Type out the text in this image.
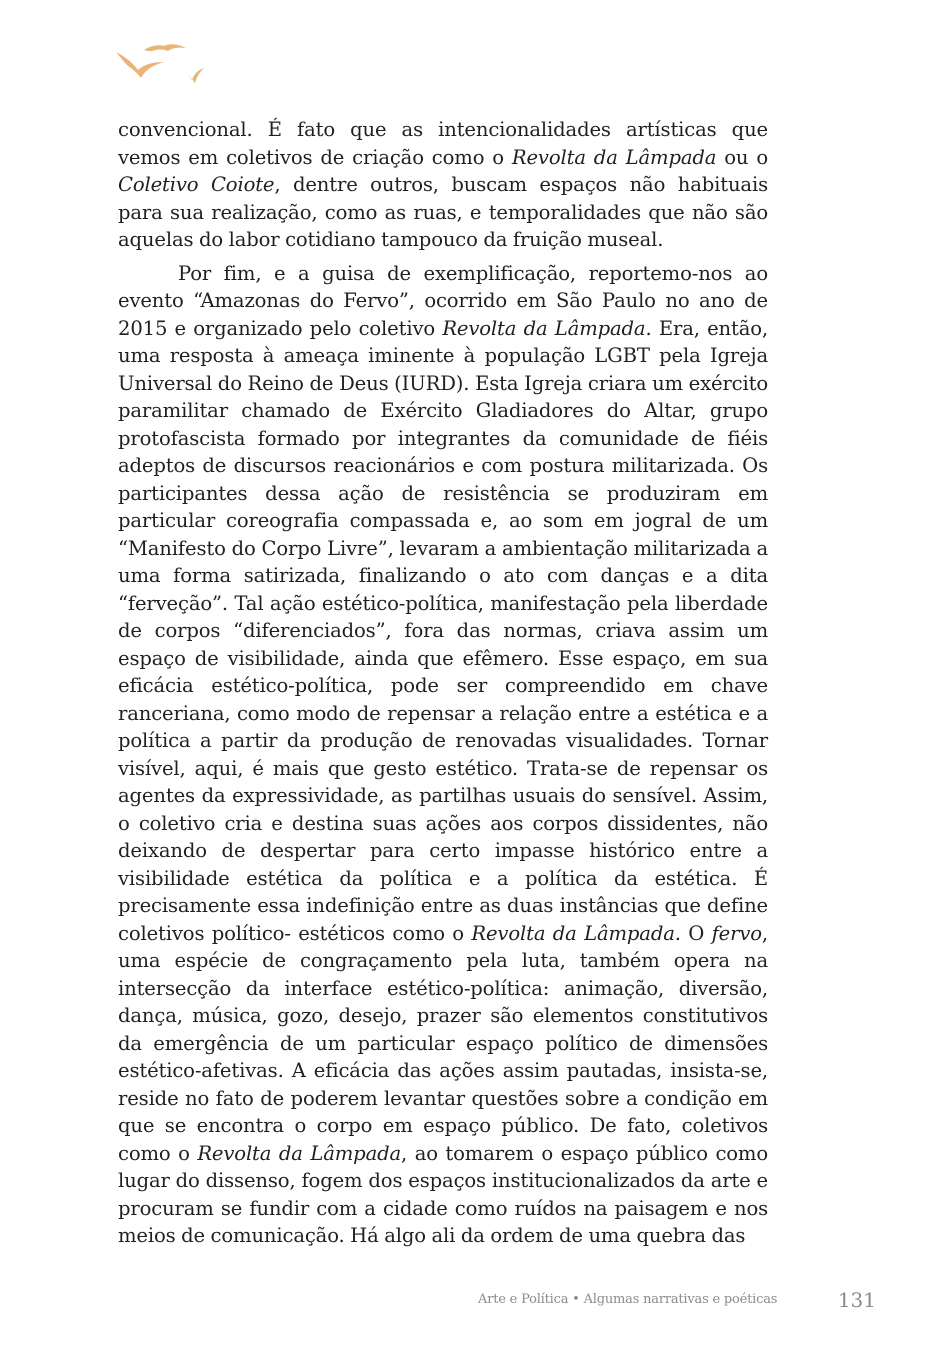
convencional. É fato que as intencionalidades artísticas que vemos em coletivos de criação como o Revolta da Lâmpada ou o Coletivo Coiote, dentre outros, buscam espaços não habituais para sua realização, como as ruas, e temporalidades que não são aquelas do labor cotidiano tampouco da fruição museal.

Por fim, e a guisa de exemplificação, reportemo-nos ao evento “Amazonas do Fervo”, ocorrido em São Paulo no ano de 2015 e organizado pelo coletivo Revolta da Lâmpada. Era, então, uma resposta à ameaça iminente à população LGBT pela Igreja Universal do Reino de Deus (IURD). Esta Igreja criara um exército paramilitar chamado de Exército Gladiadores do Altar, grupo protofascista formado por integrantes da comunidade de fiéis adeptos de discursos reacionários e com postura militarizada. Os participantes dessa ação de resistência se produziram em particular coreografia compassada e, ao som em jogral de um “Manifesto do Corpo Livre”, levaram a ambientação militarizada a uma forma satirizada, finalizando o ato com danças e a dita “ferveção”. Tal ação estético-política, manifestação pela liberdade de corpos “diferenciados”, fora das normas, criava assim um espaço de visibilidade, ainda que efêmero. Esse espaço, em sua eficácia estético-política, pode ser compreendido em chave ranceriana, como modo de repensar a relação entre a estética e a política a partir da produção de renovadas visualidades. Tornar visível, aqui, é mais que gesto estético. Trata-se de repensar os agentes da expressividade, as partilhas usuais do sensível. Assim, o coletivo cria e destina suas ações aos corpos dissidentes, não deixando de despertar para certo impasse histórico entre a visibilidade estética da política e a política da estética. É precisamente essa indefinição entre as duas instâncias que define coletivos político- estéticos como o Revolta da Lâmpada. O fervo, uma espécie de congraçamento pela luta, também opera na intersecção da interface estético-política: animação, diversão, dança, música, gozo, desejo, prazer são elementos constitutivos da emergência de um particular espaço político de dimensões estético-afetivas. A eficácia das ações assim pautadas, insista-se, reside no fato de poderem levantar questões sobre a condição em que se encontra o corpo em espaço público. De fato, coletivos como o Revolta da Lâmpada, ao tomarem o espaço público como lugar do dissenso, fogem dos espaços institucionalizados da arte e procuram se fundir com a cidade como ruídos na paisagem e nos meios de comunicação. Há algo ali da ordem de uma quebra das

Arte e Política • Algumas narrativas e poéticas	131
